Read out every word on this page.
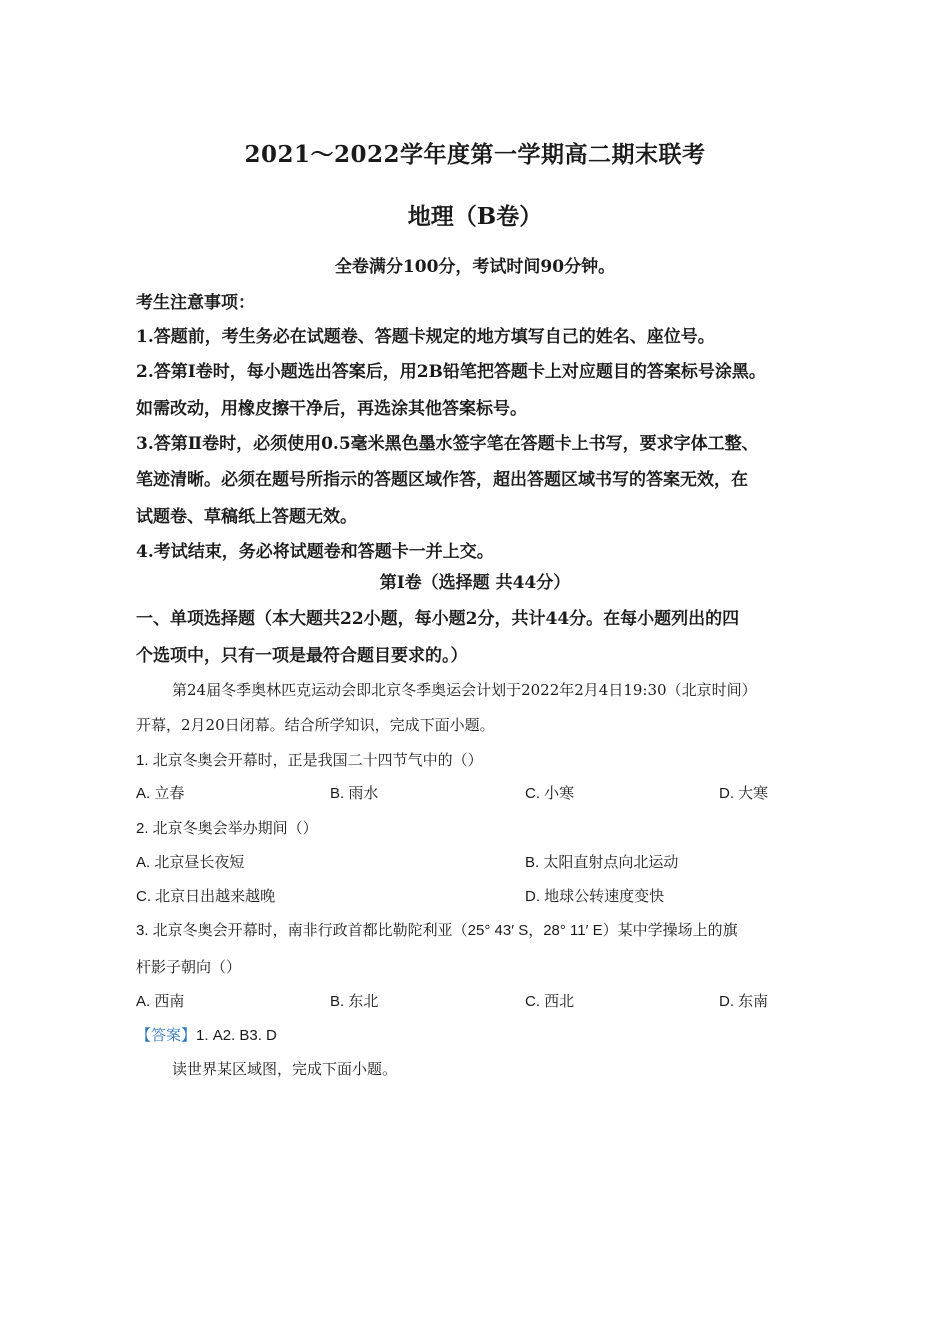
2021～2022学年度第一学期高二期末联考
地理（B卷）
全卷满分100分，考试时间90分钟。
考生注意事项：
1.答题前，考生务必在试题卷、答题卡规定的地方填写自己的姓名、座位号。
2.答第Ⅰ卷时，每小题选出答案后，用2B铅笔把答题卡上对应题目的答案标号涂黑。
如需改动，用橡皮擦干净后，再选涂其他答案标号。
3.答第Ⅱ卷时，必须使用0.5毫米黑色墨水签字笔在答题卡上书写，要求字体工整、
笔迹清晰。必须在题号所指示的答题区域作答，超出答题区域书写的答案无效，在
试题卷、草稿纸上答题无效。
4.考试结束，务必将试题卷和答题卡一并上交。
第Ⅰ卷（选择题 共44分）
一、单项选择题（本大题共22小题，每小题2分，共计44分。在每小题列出的四
个选项中，只有一项是最符合题目要求的。）
第24届冬季奥林匹克运动会即北京冬季奥运会计划于2022年2月4日19:30（北京时间）
开幕，2月20日闭幕。结合所学知识，完成下面小题。
1. 北京冬奥会开幕时，正是我国二十四节气中的（）
A. 立春	B. 雨水	C. 小寒	D. 大寒
2. 北京冬奥会举办期间（）
A. 北京昼长夜短	B. 太阳直射点向北运动
C. 北京日出越来越晚	D. 地球公转速度变快
3. 北京冬奥会开幕时，南非行政首都比勒陀利亚（25° 43′ S，28° 11′ E）某中学操场上的旗
杆影子朝向（）
A. 西南	B. 东北	C. 西北	D. 东南
【答案】1. A2. B3. D
读世界某区域图，完成下面小题。
